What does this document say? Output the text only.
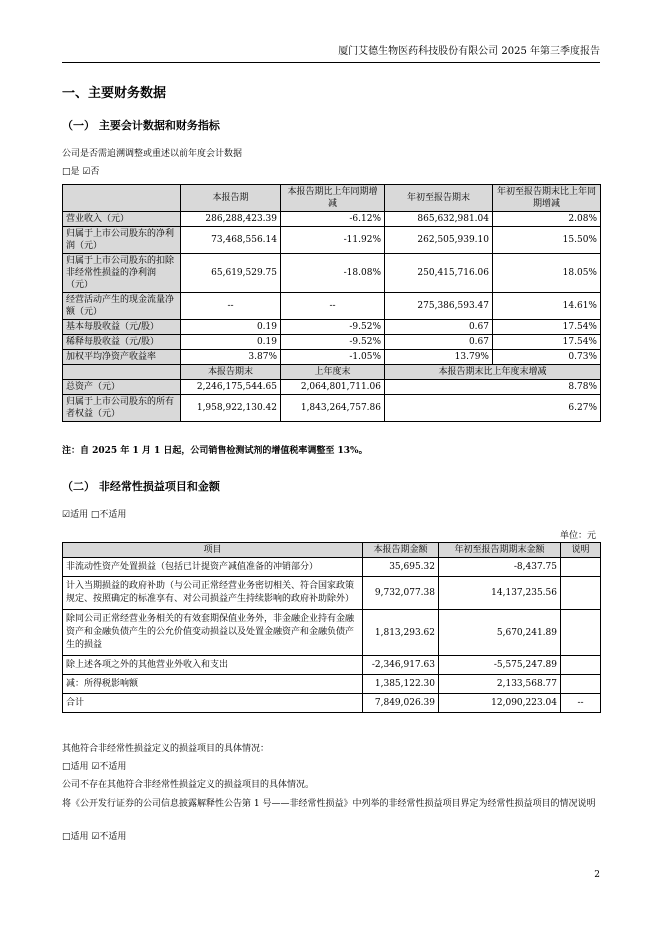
厦门艾德生物医药科技股份有限公司 2025 年第三季度报告
一、主要财务数据
（一） 主要会计数据和财务指标
公司是否需追溯调整或重述以前年度会计数据
□是 ☑否
	本报告期	本报告期比上年同期增减	年初至报告期末	年初至报告期末比上年同期增减
营业收入（元）	286,288,423.39	-6.12%	865,632,981.04	2.08%
归属于上市公司股东的净利润（元）	73,468,556.14	-11.92%	262,505,939.10	15.50%
归属于上市公司股东的扣除非经常性损益的净利润（元）	65,619,529.75	-18.08%	250,415,716.06	18.05%
经营活动产生的现金流量净额（元）	--	--	275,386,593.47	14.61%
基本每股收益（元/股）	0.19	-9.52%	0.67	17.54%
稀释每股收益（元/股）	0.19	-9.52%	0.67	17.54%
加权平均净资产收益率	3.87%	-1.05%	13.79%	0.73%
	本报告期末	上年度末	本报告期末比上年度末增减	
总资产（元）	2,246,175,544.65	2,064,801,711.06	8.78%	
归属于上市公司股东的所有者权益（元）	1,958,922,130.42	1,843,264,757.86	6.27%	
注：自 2025 年 1 月 1 日起，公司销售检测试剂的增值税率调整至 13%。
（二） 非经常性损益项目和金额
☑适用 □不适用
单位：元
项目	本报告期金额	年初至报告期期末金额	说明
非流动性资产处置损益（包括已计提资产减值准备的冲销部分）	35,695.32	-8,437.75	
计入当期损益的政府补助（与公司正常经营业务密切相关、符合国家政策规定、按照确定的标准享有、对公司损益产生持续影响的政府补助除外）	9,732,077.38	14,137,235.56	
除同公司正常经营业务相关的有效套期保值业务外，非金融企业持有金融资产和金融负债产生的公允价值变动损益以及处置金融资产和金融负债产生的损益	1,813,293.62	5,670,241.89	
除上述各项之外的其他营业外收入和支出	-2,346,917.63	-5,575,247.89	
减：所得税影响额	1,385,122.30	2,133,568.77	
合计	7,849,026.39	12,090,223.04	--
其他符合非经常性损益定义的损益项目的具体情况：
□适用 ☑不适用
公司不存在其他符合非经常性损益定义的损益项目的具体情况。
将《公开发行证券的公司信息披露解释性公告第 1 号——非经常性损益》中列举的非经常性损益项目界定为经常性损益项目的情况说明
□适用 ☑不适用
2
